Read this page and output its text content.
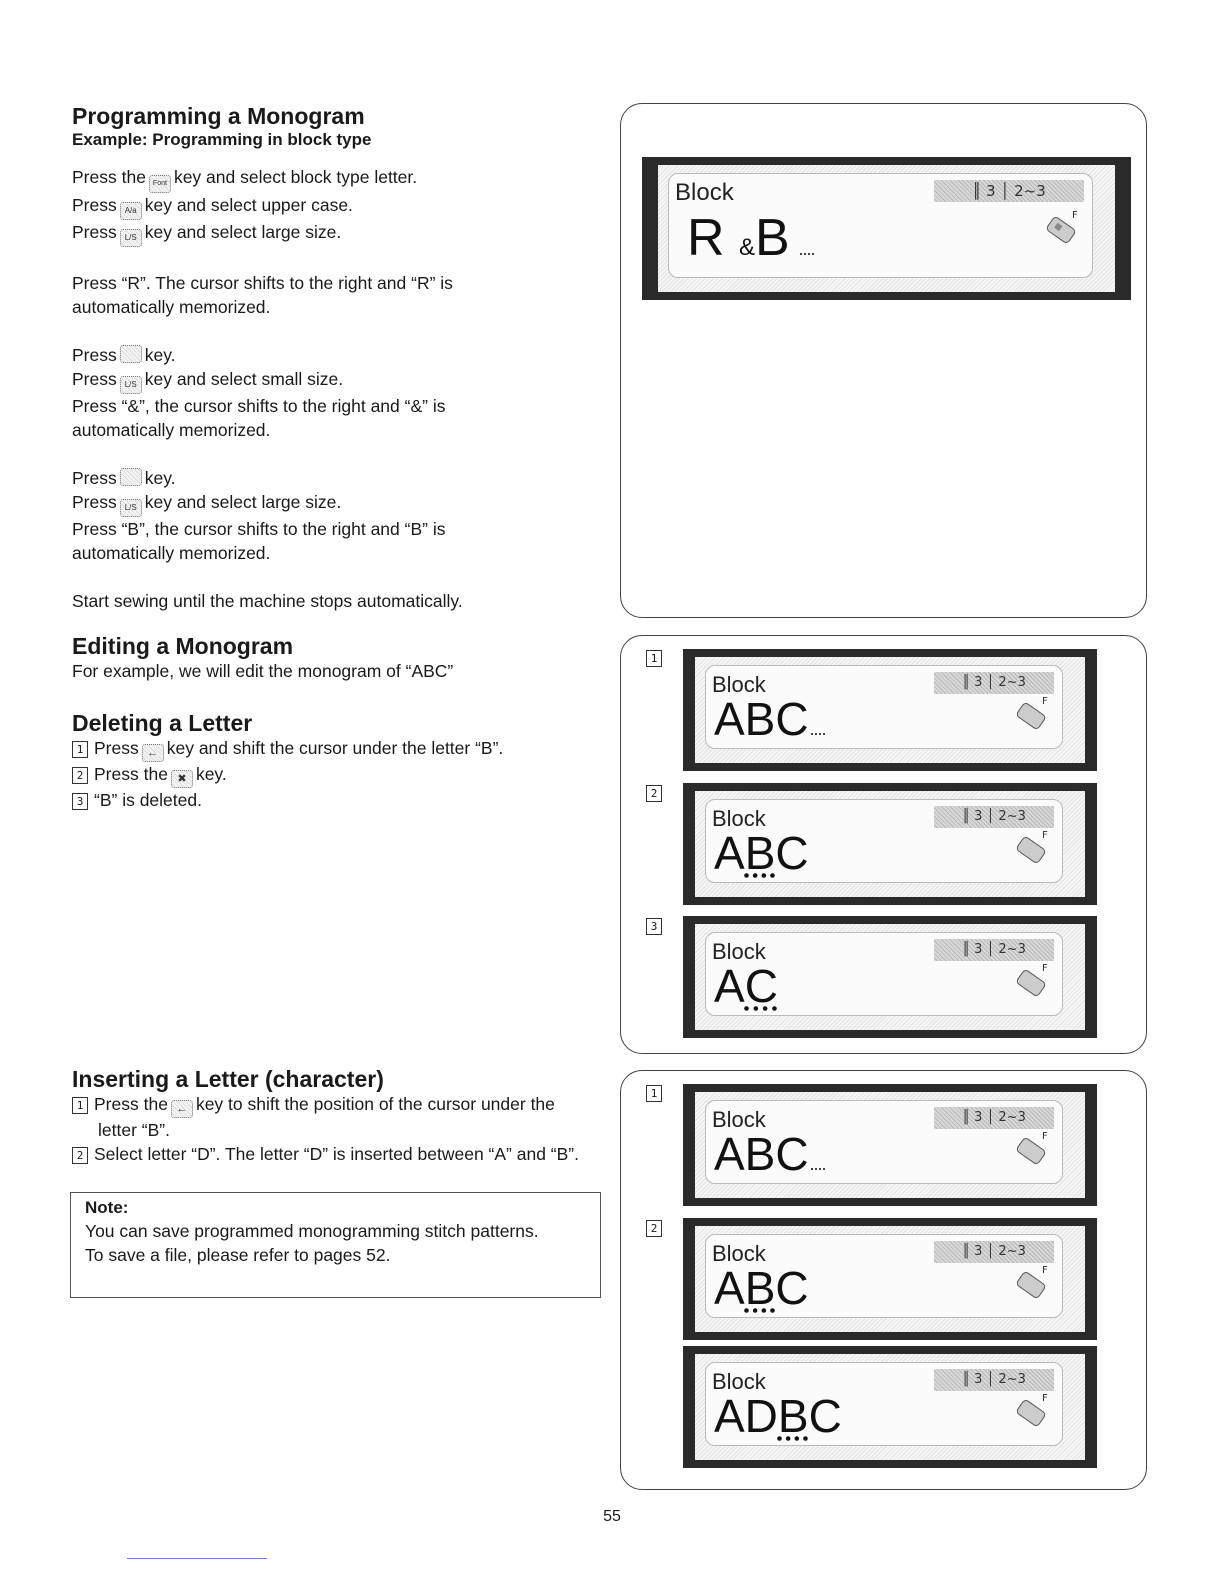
Programming a Monogram
Example: Programming in block type

Press the Font key and select block type letter.
Press A/a key and select upper case.
Press L/S key and select large size.

Press “R”. The cursor shifts to the right and “R” is automatically memorized.

Press key.
Press L/S key and select small size.
Press “&”, the cursor shifts to the right and “&” is automatically memorized.

Press key.
Press L/S key and select large size.
Press “B”, the cursor shifts to the right and “B” is automatically memorized.

Start sewing until the machine stops automatically.

Editing a Monogram

For example, we will edit the monogram of “ABC”

Deleting a Letter

1 Press ← key and shift the cursor under the letter “B”.

2 Press the ✖ key.

3 “B” is deleted.

Inserting a Letter (character)

1 Press the ← key to shift the position of the cursor under the letter “B”.

2 Select letter “D”. The letter “D” is inserted between “A” and “B”.

Note:
You can save programmed monogramming stitch patterns.
To save a file, please refer to pages 52.
Block	║ 3 │ 2~3
F
R &B
1
Block	║ 3 │ 2~3
F
ABC
2
Block	║ 3 │ 2~3
F
ABC
3
Block	║ 3 │ 2~3
F
AC
1
Block	║ 3 │ 2~3
F
ABC
2
Block	║ 3 │ 2~3
F
ABC
Block	║ 3 │ 2~3
F
ADBC
55
